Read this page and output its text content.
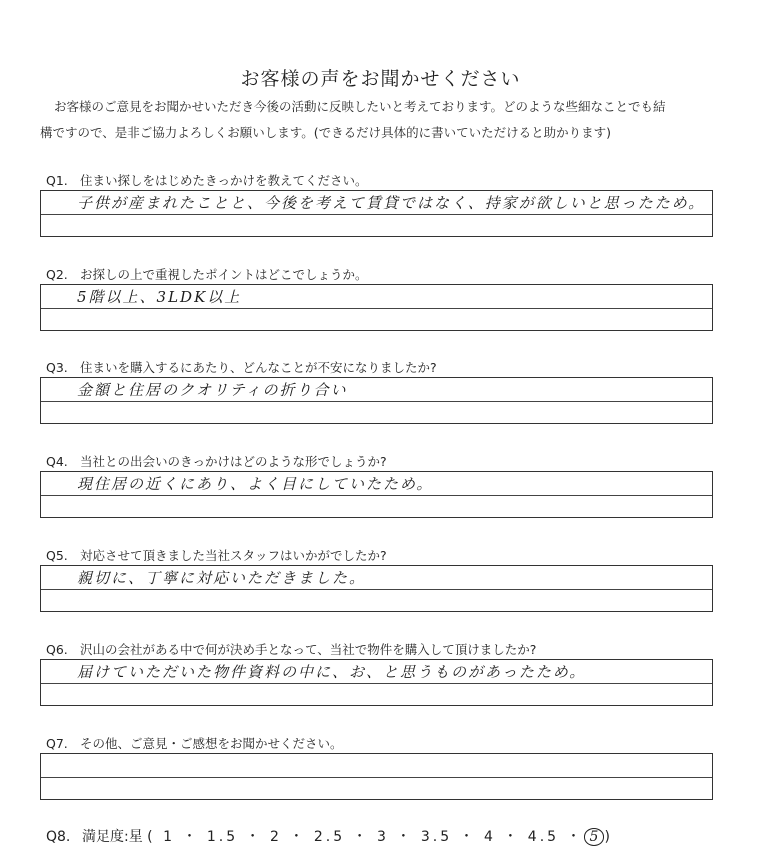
お客様の声をお聞かせください
お客様のご意見をお聞かせいただき今後の活動に反映したいと考えております。どのような些細なことでも結
構ですので、是非ご協力よろしくお願いします。(できるだけ具体的に書いていただけると助かります)
Q1. 住まい探しをはじめたきっかけを教えてください。
子供が産まれたことと、今後を考えて賃貸ではなく、持家が欲しいと思ったため。
Q2. お探しの上で重視したポイントはどこでしょうか。
5階以上、3LDK以上
Q3. 住まいを購入するにあたり、どんなことが不安になりましたか?
金額と住居のクオリティの折り合い
Q4. 当社との出会いのきっかけはどのような形でしょうか?
現住居の近くにあり、よく目にしていたため。
Q5. 対応させて頂きました当社スタッフはいかがでしたか?
親切に、丁寧に対応いただきました。
Q6. 沢山の会社がある中で何が決め手となって、当社で物件を購入して頂けましたか?
届けていただいた物件資料の中に、お、と思うものがあったため。
Q7. その他、ご意見・ご感想をお聞かせください。
Q8. 満足度:星 ( 1 ・ 1.5 ・ 2 ・ 2.5 ・ 3 ・ 3.5 ・ 4 ・ 4.5 ・ 5 )
